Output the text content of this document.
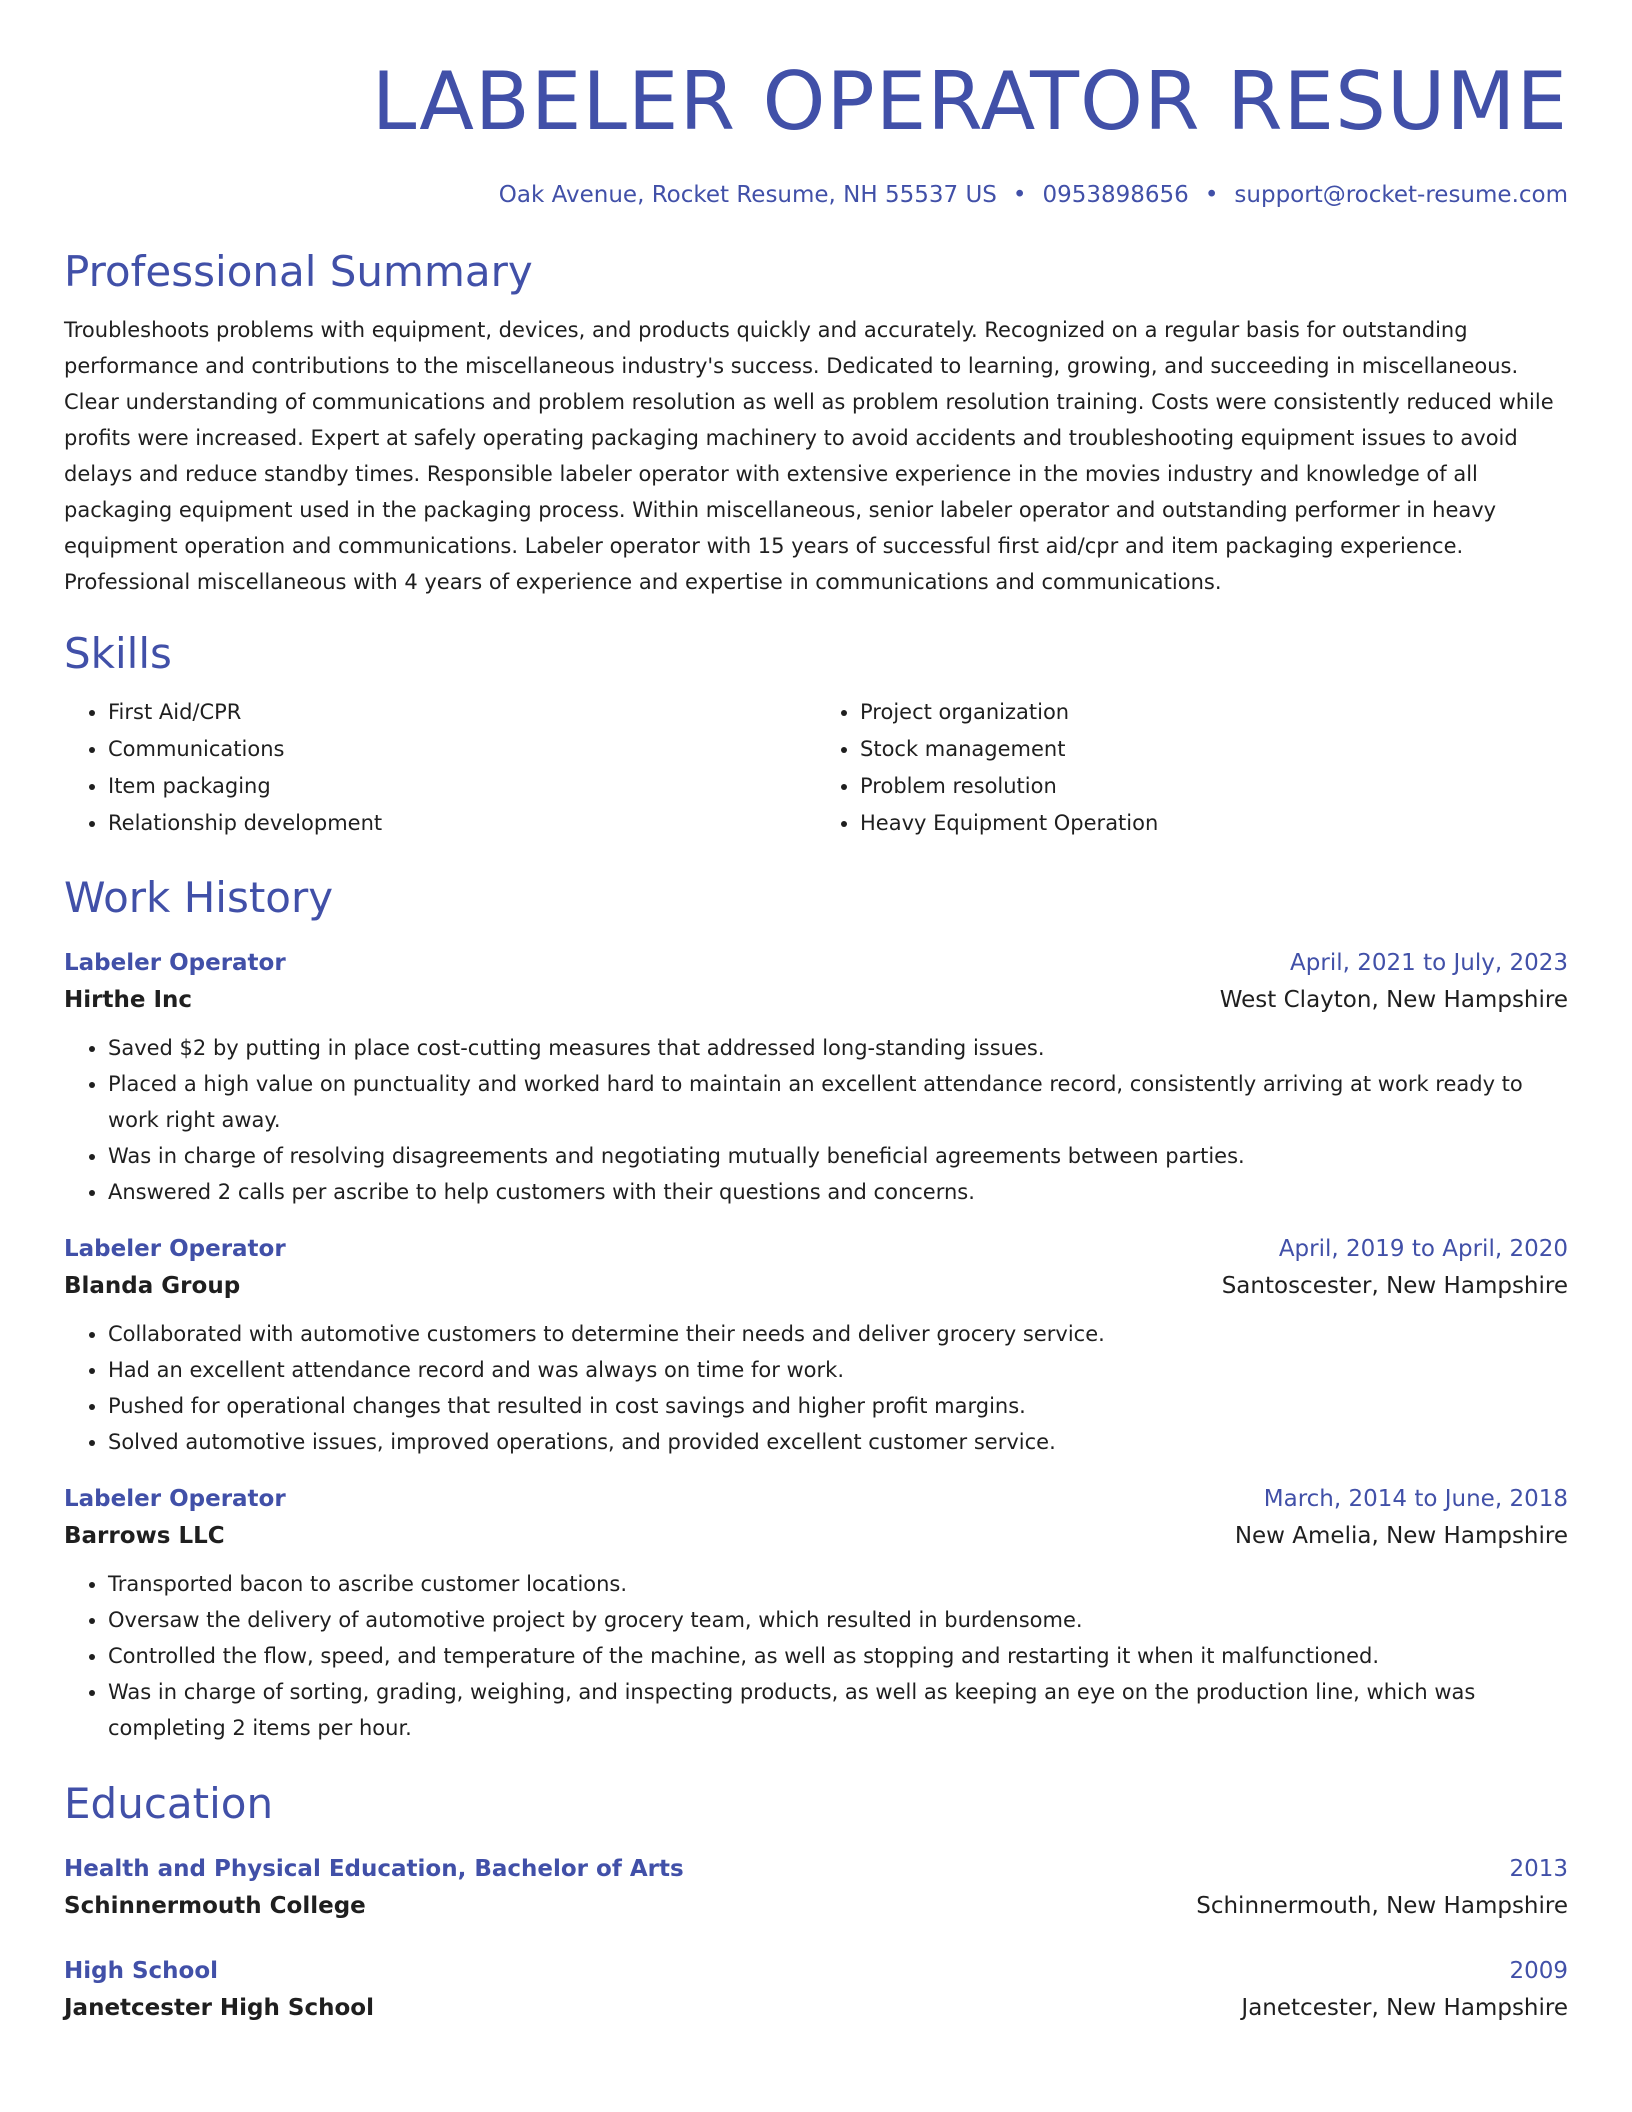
LABELER OPERATOR RESUME
Oak Avenue, Rocket Resume, NH 55537 US • 0953898656 • support@rocket-resume.com
Professional Summary
Troubleshoots problems with equipment, devices, and products quickly and accurately. Recognized on a regular basis for outstanding performance and contributions to the miscellaneous industry's success. Dedicated to learning, growing, and succeeding in miscellaneous. Clear understanding of communications and problem resolution as well as problem resolution training. Costs were consistently reduced while profits were increased. Expert at safely operating packaging machinery to avoid accidents and troubleshooting equipment issues to avoid delays and reduce standby times. Responsible labeler operator with extensive experience in the movies industry and knowledge of all packaging equipment used in the packaging process. Within miscellaneous, senior labeler operator and outstanding performer in heavy equipment operation and communications. Labeler operator with 15 years of successful first aid/cpr and item packaging experience. Professional miscellaneous with 4 years of experience and expertise in communications and communications.
Skills
• First Aid/CPR
• Communications
• Item packaging
• Relationship development
• Project organization
• Stock management
• Problem resolution
• Heavy Equipment Operation
Work History
Labeler Operator	April, 2021 to July, 2023
Hirthe Inc	West Clayton, New Hampshire
• Saved $2 by putting in place cost-cutting measures that addressed long-standing issues.
• Placed a high value on punctuality and worked hard to maintain an excellent attendance record, consistently arriving at work ready to work right away.
• Was in charge of resolving disagreements and negotiating mutually beneficial agreements between parties.
• Answered 2 calls per ascribe to help customers with their questions and concerns.
Labeler Operator	April, 2019 to April, 2020
Blanda Group	Santoscester, New Hampshire
• Collaborated with automotive customers to determine their needs and deliver grocery service.
• Had an excellent attendance record and was always on time for work.
• Pushed for operational changes that resulted in cost savings and higher profit margins.
• Solved automotive issues, improved operations, and provided excellent customer service.
Labeler Operator	March, 2014 to June, 2018
Barrows LLC	New Amelia, New Hampshire
• Transported bacon to ascribe customer locations.
• Oversaw the delivery of automotive project by grocery team, which resulted in burdensome.
• Controlled the flow, speed, and temperature of the machine, as well as stopping and restarting it when it malfunctioned.
• Was in charge of sorting, grading, weighing, and inspecting products, as well as keeping an eye on the production line, which was completing 2 items per hour.
Education
Health and Physical Education, Bachelor of Arts	2013
Schinnermouth College	Schinnermouth, New Hampshire
High School	2009
Janetcester High School	Janetcester, New Hampshire
